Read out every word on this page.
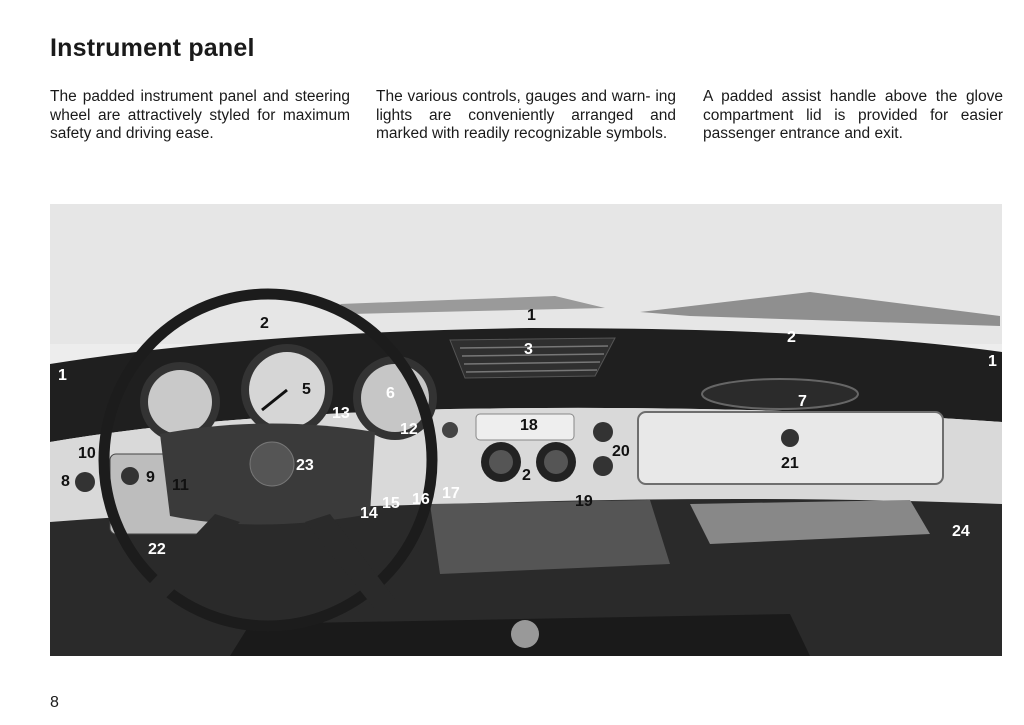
Instrument panel
The padded instrument panel and steering wheel are attractively styled for maximum safety and driving ease.
The various controls, gauges and warn- ing lights are conveniently arranged and marked with readily recognizable symbols.
A padded assist handle above the glove compartment lid is provided for easier passenger entrance and exit.
1
2
3
1
2
5	6	7
13
12	18
20
21
10
8	9 11
23
2
19
17
16
15
14
22
24
1
8
